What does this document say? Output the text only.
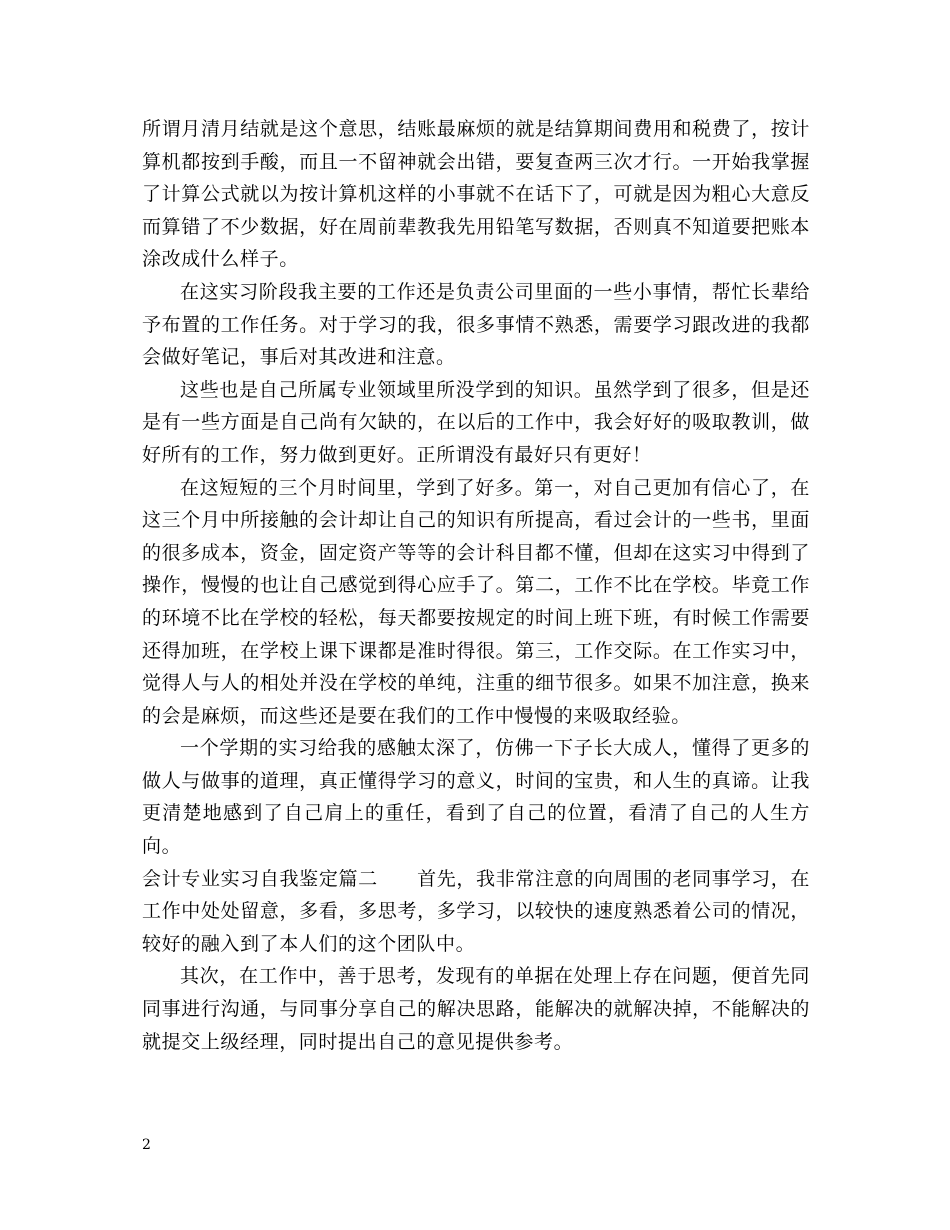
所谓月清月结就是这个意思，结账最麻烦的就是结算期间费用和税费了，按计算机都按到手酸，而且一不留神就会出错，要复查两三次才行。一开始我掌握了计算公式就以为按计算机这样的小事就不在话下了，可就是因为粗心大意反而算错了不少数据，好在周前辈教我先用铅笔写数据，否则真不知道要把账本涂改成什么样子。

在这实习阶段我主要的工作还是负责公司里面的一些小事情，帮忙长辈给予布置的工作任务。对于学习的我，很多事情不熟悉，需要学习跟改进的我都会做好笔记，事后对其改进和注意。

这些也是自己所属专业领域里所没学到的知识。虽然学到了很多，但是还是有一些方面是自己尚有欠缺的，在以后的工作中，我会好好的吸取教训，做好所有的工作，努力做到更好。正所谓没有最好只有更好！

在这短短的三个月时间里，学到了好多。第一，对自己更加有信心了，在这三个月中所接触的会计却让自己的知识有所提高，看过会计的一些书，里面的很多成本，资金，固定资产等等的会计科目都不懂，但却在这实习中得到了操作，慢慢的也让自己感觉到得心应手了。第二，工作不比在学校。毕竟工作的环境不比在学校的轻松，每天都要按规定的时间上班下班，有时候工作需要还得加班，在学校上课下课都是准时得很。第三，工作交际。在工作实习中，觉得人与人的相处并没在学校的单纯，注重的细节很多。如果不加注意，换来的会是麻烦，而这些还是要在我们的工作中慢慢的来吸取经验。

一个学期的实习给我的感触太深了，仿佛一下子长大成人，懂得了更多的做人与做事的道理，真正懂得学习的意义，时间的宝贵，和人生的真谛。让我更清楚地感到了自己肩上的重任，看到了自己的位置，看清了自己的人生方向。

会计专业实习自我鉴定篇二　　首先，我非常注意的向周围的老同事学习，在工作中处处留意，多看，多思考，多学习，以较快的速度熟悉着公司的情况，较好的融入到了本人们的这个团队中。

其次，在工作中，善于思考，发现有的单据在处理上存在问题，便首先同同事进行沟通，与同事分享自己的解决思路，能解决的就解决掉，不能解决的就提交上级经理，同时提出自己的意见提供参考。

2
